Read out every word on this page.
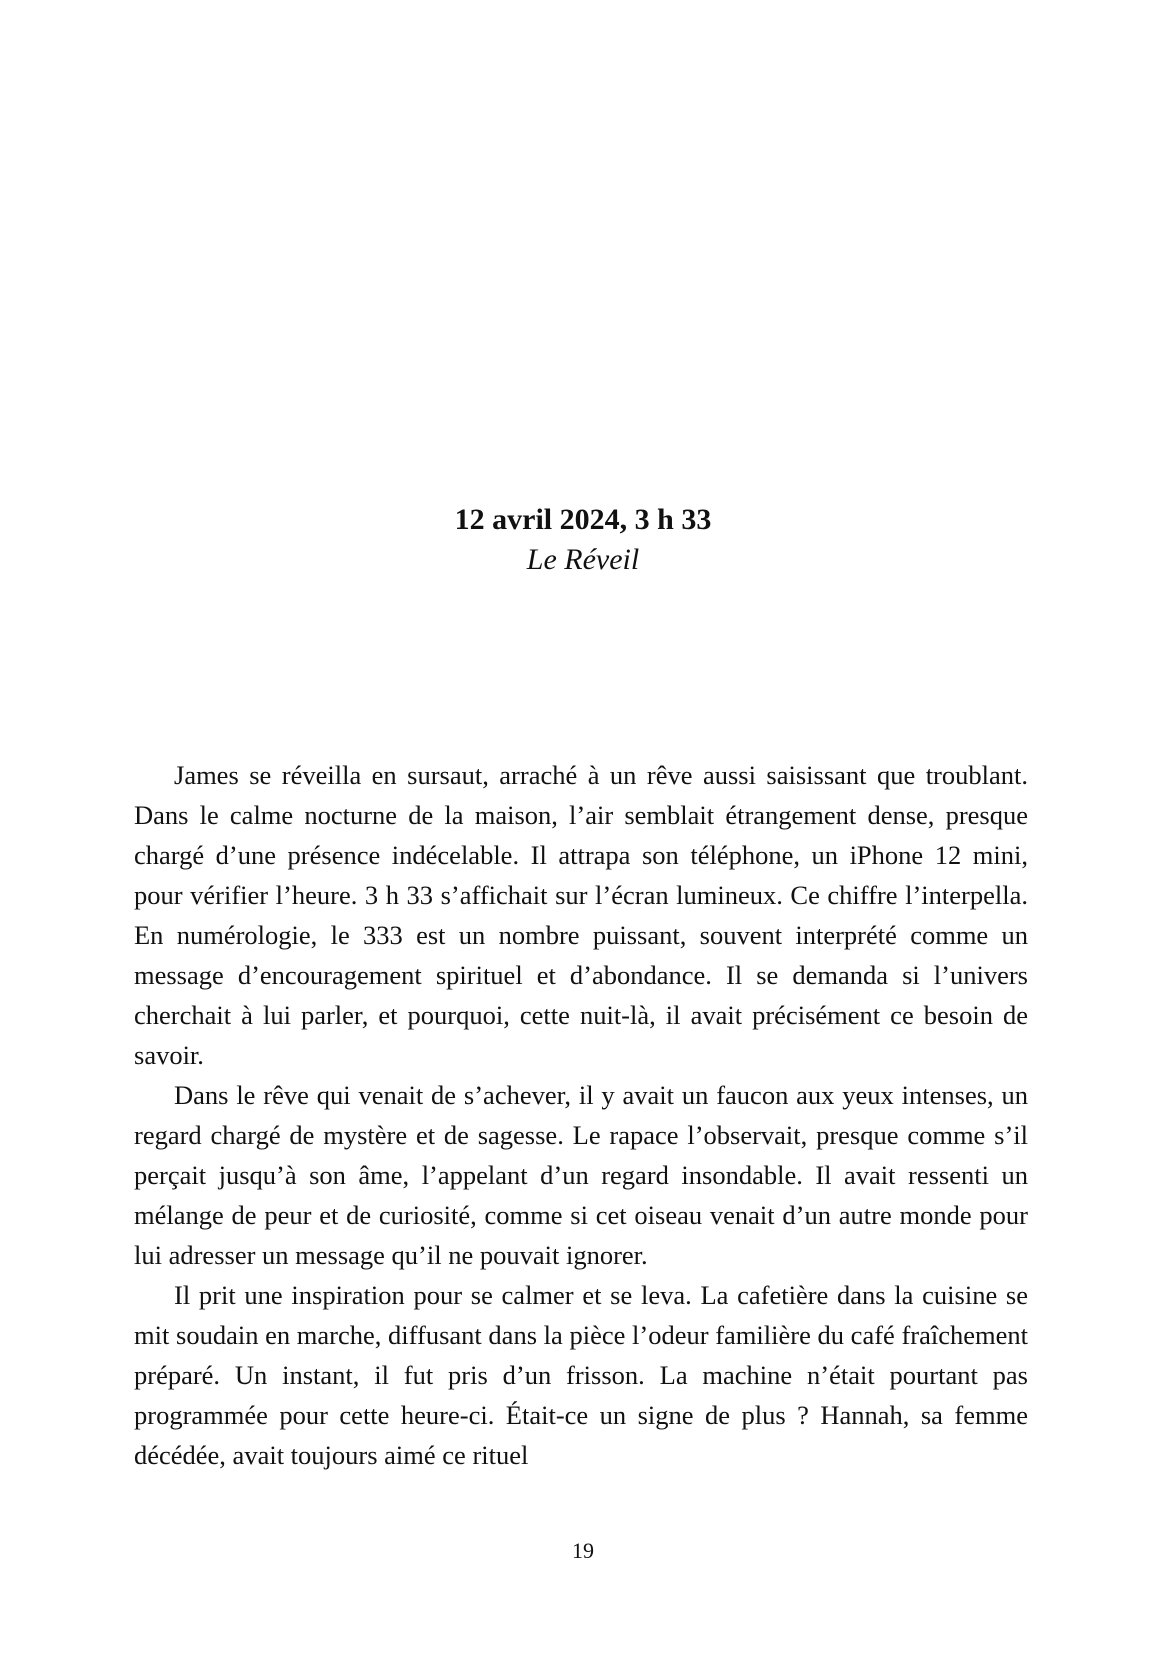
12 avril 2024, 3 h 33

Le Réveil

James se réveilla en sursaut, arraché à un rêve aussi saisissant que troublant. Dans le calme nocturne de la maison, l’air semblait étrangement dense, presque chargé d’une présence indécelable. Il attrapa son téléphone, un iPhone 12 mini, pour vérifier l’heure. 3 h 33 s’affichait sur l’écran lumineux. Ce chiffre l’interpella. En numérologie, le 333 est un nombre puissant, souvent interprété comme un message d’encouragement spirituel et d’abondance. Il se demanda si l’univers cherchait à lui parler, et pourquoi, cette nuit-là, il avait précisément ce besoin de savoir.

Dans le rêve qui venait de s’achever, il y avait un faucon aux yeux intenses, un regard chargé de mystère et de sagesse. Le rapace l’observait, presque comme s’il perçait jusqu’à son âme, l’appelant d’un regard insondable. Il avait ressenti un mélange de peur et de curiosité, comme si cet oiseau venait d’un autre monde pour lui adresser un message qu’il ne pouvait ignorer.

Il prit une inspiration pour se calmer et se leva. La cafetière dans la cuisine se mit soudain en marche, diffusant dans la pièce l’odeur familière du café fraîchement préparé. Un instant, il fut pris d’un frisson. La machine n’était pourtant pas programmée pour cette heure-ci. Était-ce un signe de plus ? Hannah, sa femme décédée, avait toujours aimé ce rituel

19
